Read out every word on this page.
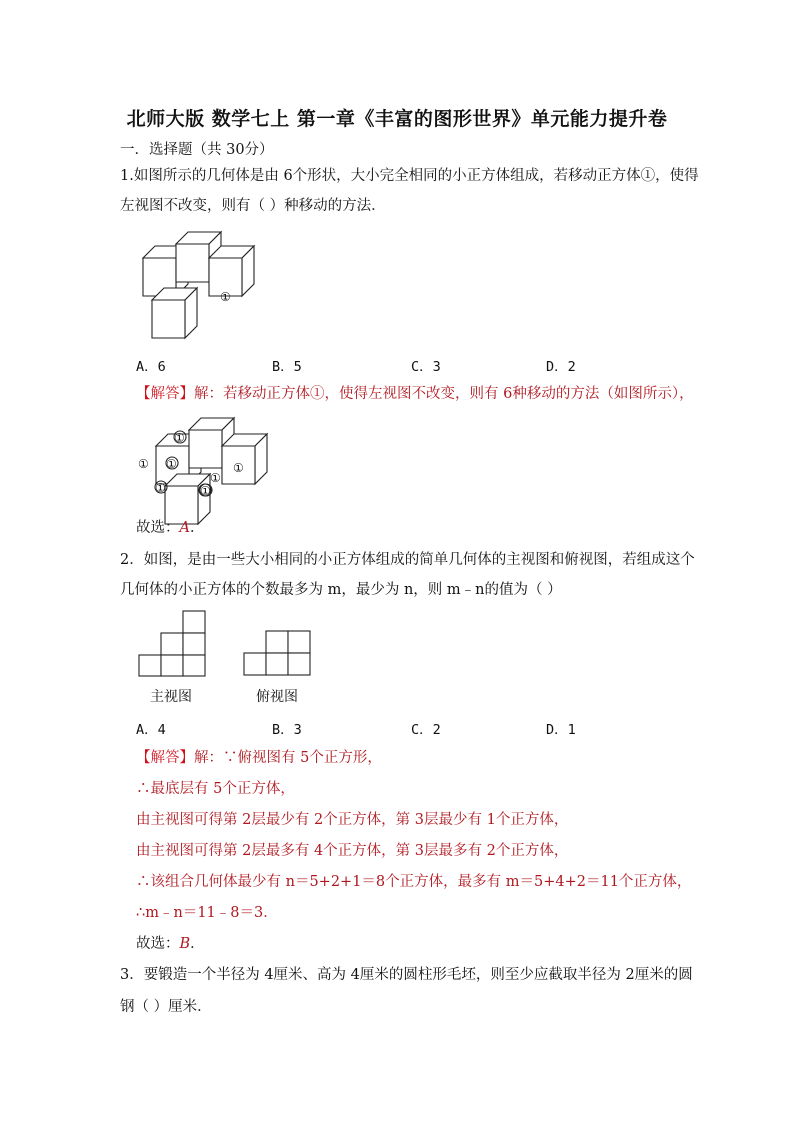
北师大版 数学七上 第一章《丰富的图形世界》单元能力提升卷
一．选择题（共 30分）
1.如图所示的几何体是由 6个形状，大小完全相同的小正方体组成，若移动正方体①，使得
左视图不改变，则有（ ）种移动的方法．
①
A．6	B．5	C．3	D．2
【解答】解：若移动正方体①，使得左视图不改变，则有 6种移动的方法（如图所示），
①
① ①
①
①
①
①
故选：A．
2．如图，是由一些大小相同的小正方体组成的简单几何体的主视图和俯视图，若组成这个
几何体的小正方体的个数最多为 m，最少为 n，则 m﹣n的值为（ ）
主视图	俯视图
A．4	B．3	C．2	D．1
【解答】解：∵俯视图有 5个正方形，
∴最底层有 5个正方体，
由主视图可得第 2层最少有 2个正方体，第 3层最少有 1个正方体，
由主视图可得第 2层最多有 4个正方体，第 3层最多有 2个正方体，
∴该组合几何体最少有 n＝5+2+1＝8个正方体，最多有 m＝5+4+2＝11个正方体，
∴m﹣n＝11﹣8＝3．
故选：B．
3．要锻造一个半径为 4厘米、高为 4厘米的圆柱形毛坯，则至少应截取半径为 2厘米的圆
钢（ ）厘米．
